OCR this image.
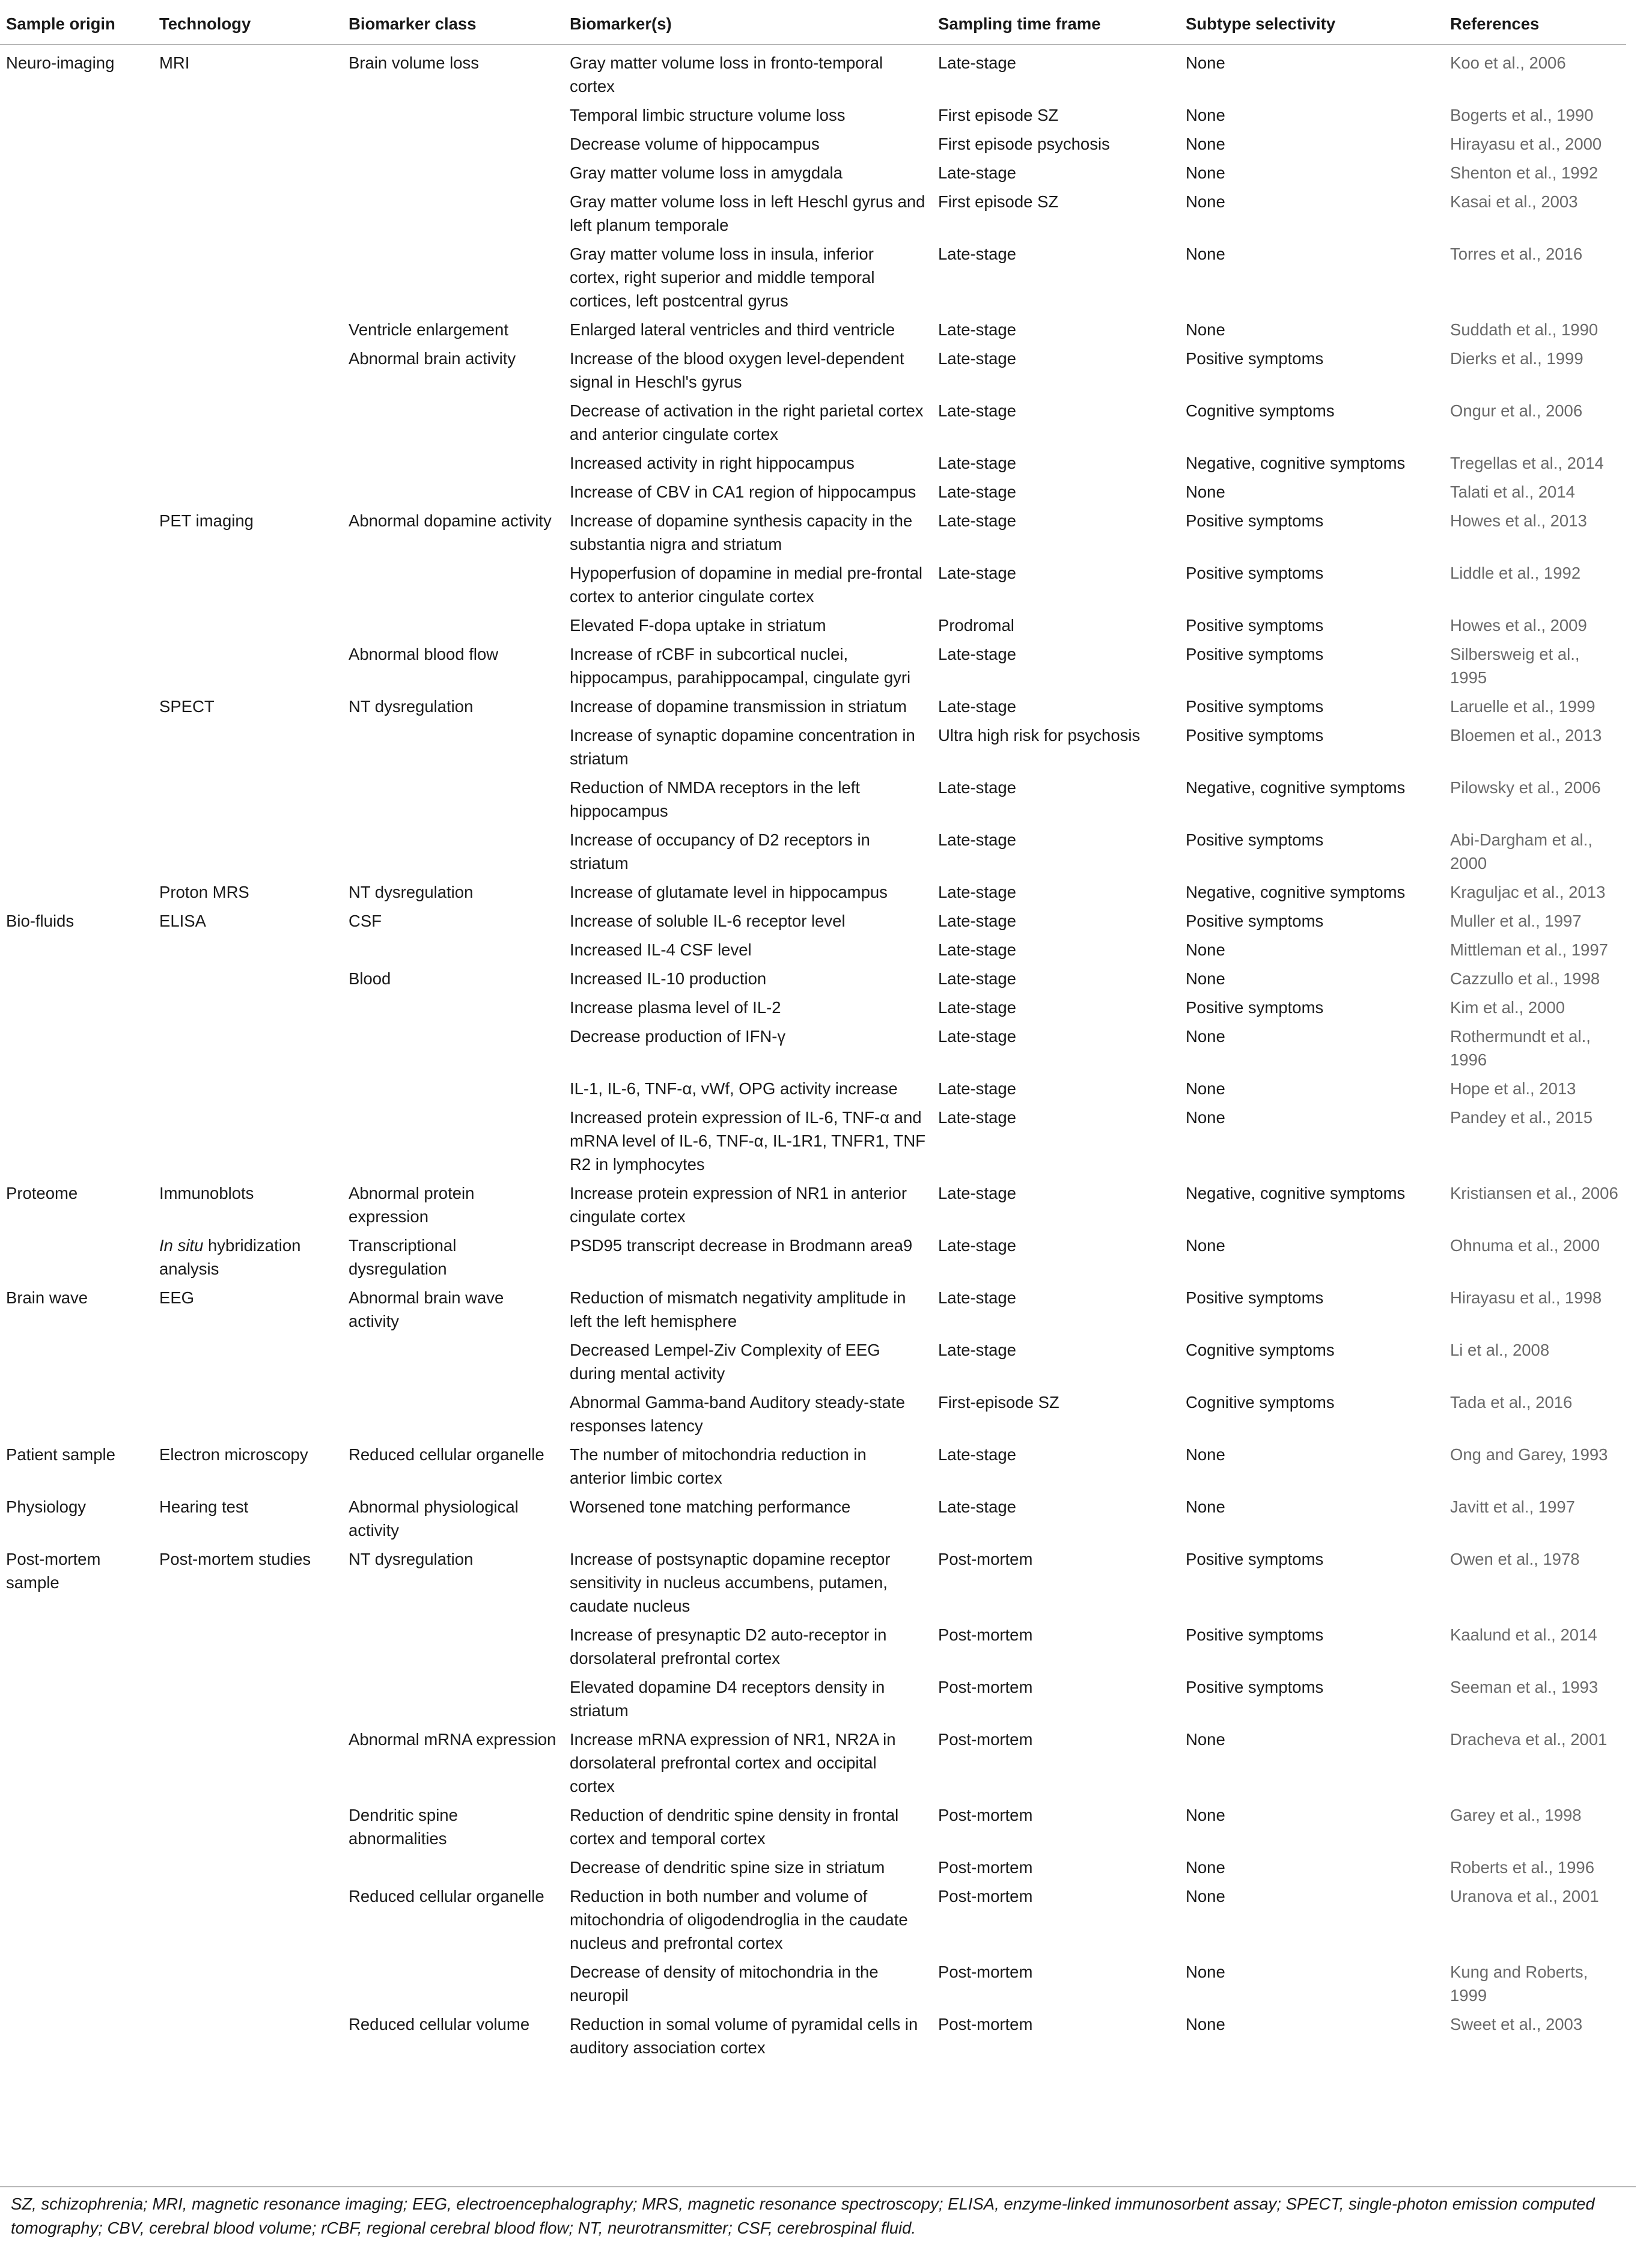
Sample origin	Technology	Biomarker class	Biomarker(s)	Sampling time frame	Subtype selectivity	References
Neuro-imaging	MRI	Brain volume loss	Gray matter volume loss in fronto-temporal cortex	Late-stage	None	Koo et al., 2006
			Temporal limbic structure volume loss	First episode SZ	None	Bogerts et al., 1990
			Decrease volume of hippocampus	First episode psychosis	None	Hirayasu et al., 2000
			Gray matter volume loss in amygdala	Late-stage	None	Shenton et al., 1992
			Gray matter volume loss in left Heschl gyrus and left planum temporale	First episode SZ	None	Kasai et al., 2003
			Gray matter volume loss in insula, inferior cortex, right superior and middle temporal cortices, left postcentral gyrus	Late-stage	None	Torres et al., 2016
		Ventricle enlargement	Enlarged lateral ventricles and third ventricle	Late-stage	None	Suddath et al., 1990
		Abnormal brain activity	Increase of the blood oxygen level-dependent signal in Heschl's gyrus	Late-stage	Positive symptoms	Dierks et al., 1999
			Decrease of activation in the right parietal cortex and anterior cingulate cortex	Late-stage	Cognitive symptoms	Ongur et al., 2006
			Increased activity in right hippocampus	Late-stage	Negative, cognitive symptoms	Tregellas et al., 2014
			Increase of CBV in CA1 region of hippocampus	Late-stage	None	Talati et al., 2014
	PET imaging	Abnormal dopamine activity	Increase of dopamine synthesis capacity in the substantia nigra and striatum	Late-stage	Positive symptoms	Howes et al., 2013
			Hypoperfusion of dopamine in medial pre-frontal cortex to anterior cingulate cortex	Late-stage	Positive symptoms	Liddle et al., 1992
			Elevated F-dopa uptake in striatum	Prodromal	Positive symptoms	Howes et al., 2009
		Abnormal blood flow	Increase of rCBF in subcortical nuclei, hippocampus, parahippocampal, cingulate gyri	Late-stage	Positive symptoms	Silbersweig et al., 1995
	SPECT	NT dysregulation	Increase of dopamine transmission in striatum	Late-stage	Positive symptoms	Laruelle et al., 1999
			Increase of synaptic dopamine concentration in striatum	Ultra high risk for psychosis	Positive symptoms	Bloemen et al., 2013
			Reduction of NMDA receptors in the left hippocampus	Late-stage	Negative, cognitive symptoms	Pilowsky et al., 2006
			Increase of occupancy of D2 receptors in striatum	Late-stage	Positive symptoms	Abi-Dargham et al., 2000
	Proton MRS	NT dysregulation	Increase of glutamate level in hippocampus	Late-stage	Negative, cognitive symptoms	Kraguljac et al., 2013
Bio-fluids	ELISA	CSF	Increase of soluble IL-6 receptor level	Late-stage	Positive symptoms	Muller et al., 1997
			Increased IL-4 CSF level	Late-stage	None	Mittleman et al., 1997
		Blood	Increased IL-10 production	Late-stage	None	Cazzullo et al., 1998
			Increase plasma level of IL-2	Late-stage	Positive symptoms	Kim et al., 2000
			Decrease production of IFN-γ	Late-stage	None	Rothermundt et al., 1996
			IL-1, IL-6, TNF-α, vWf, OPG activity increase	Late-stage	None	Hope et al., 2013
			Increased protein expression of IL-6, TNF-α and mRNA level of IL-6, TNF-α, IL-1R1, TNFR1, TNF R2 in lymphocytes	Late-stage	None	Pandey et al., 2015
Proteome	Immunoblots	Abnormal protein expression	Increase protein expression of NR1 in anterior cingulate cortex	Late-stage	Negative, cognitive symptoms	Kristiansen et al., 2006
	In situ hybridization analysis	Transcriptional dysregulation	PSD95 transcript decrease in Brodmann area9	Late-stage	None	Ohnuma et al., 2000
Brain wave	EEG	Abnormal brain wave activity	Reduction of mismatch negativity amplitude in left the left hemisphere	Late-stage	Positive symptoms	Hirayasu et al., 1998
			Decreased Lempel-Ziv Complexity of EEG during mental activity	Late-stage	Cognitive symptoms	Li et al., 2008
			Abnormal Gamma-band Auditory steady-state responses latency	First-episode SZ	Cognitive symptoms	Tada et al., 2016
Patient sample	Electron microscopy	Reduced cellular organelle	The number of mitochondria reduction in anterior limbic cortex	Late-stage	None	Ong and Garey, 1993
Physiology	Hearing test	Abnormal physiological activity	Worsened tone matching performance	Late-stage	None	Javitt et al., 1997
Post-mortem sample	Post-mortem studies	NT dysregulation	Increase of postsynaptic dopamine receptor sensitivity in nucleus accumbens, putamen, caudate nucleus	Post-mortem	Positive symptoms	Owen et al., 1978
			Increase of presynaptic D2 auto-receptor in dorsolateral prefrontal cortex	Post-mortem	Positive symptoms	Kaalund et al., 2014
			Elevated dopamine D4 receptors density in striatum	Post-mortem	Positive symptoms	Seeman et al., 1993
		Abnormal mRNA expression	Increase mRNA expression of NR1, NR2A in dorsolateral prefrontal cortex and occipital cortex	Post-mortem	None	Dracheva et al., 2001
		Dendritic spine abnormalities	Reduction of dendritic spine density in frontal cortex and temporal cortex	Post-mortem	None	Garey et al., 1998
			Decrease of dendritic spine size in striatum	Post-mortem	None	Roberts et al., 1996
		Reduced cellular organelle	Reduction in both number and volume of mitochondria of oligodendroglia in the caudate nucleus and prefrontal cortex	Post-mortem	None	Uranova et al., 2001
			Decrease of density of mitochondria in the neuropil	Post-mortem	None	Kung and Roberts, 1999
		Reduced cellular volume	Reduction in somal volume of pyramidal cells in auditory association cortex	Post-mortem	None	Sweet et al., 2003
SZ, schizophrenia; MRI, magnetic resonance imaging; EEG, electroencephalography; MRS, magnetic resonance spectroscopy; ELISA, enzyme-linked immunosorbent assay; SPECT, single-photon emission computed tomography; CBV, cerebral blood volume; rCBF, regional cerebral blood flow; NT, neurotransmitter; CSF, cerebrospinal fluid.
